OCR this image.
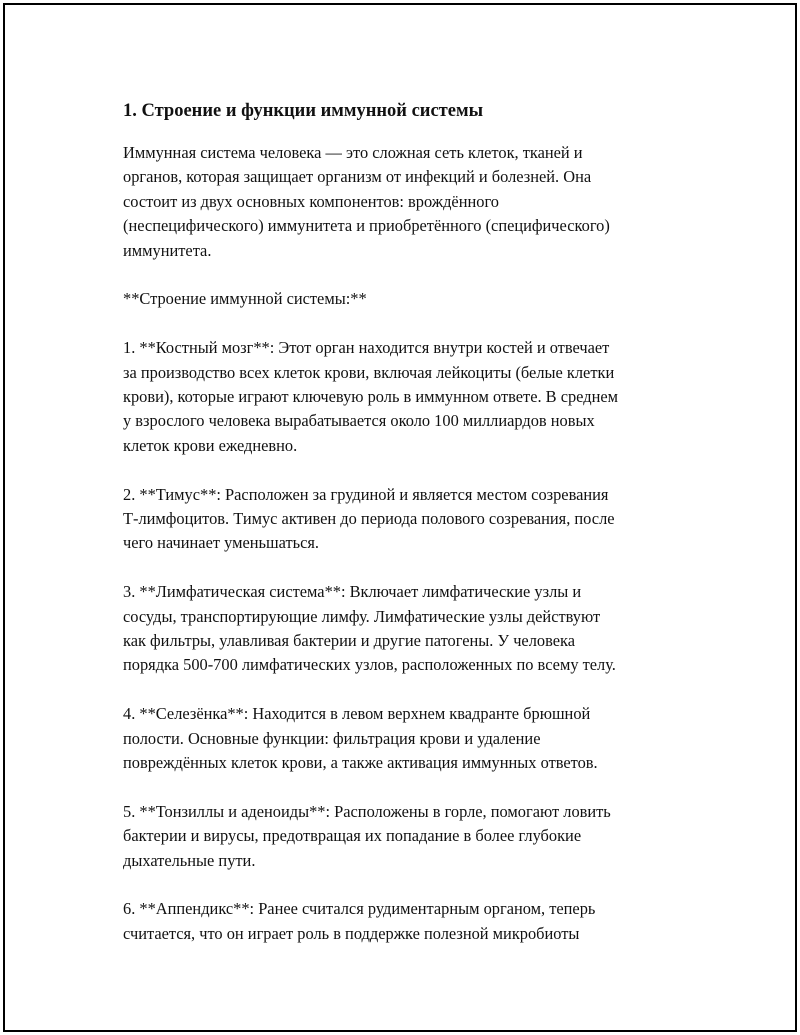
1. Строение и функции иммунной системы
Иммунная система человека — это сложная сеть клеток, тканей и
органов, которая защищает организм от инфекций и болезней. Она
состоит из двух основных компонентов: врождённого
(неспецифического) иммунитета и приобретённого (специфического)
иммунитета.
**Строение иммунной системы:**
1. **Костный мозг**: Этот орган находится внутри костей и отвечает
за производство всех клеток крови, включая лейкоциты (белые клетки
крови), которые играют ключевую роль в иммунном ответе. В среднем
у взрослого человека вырабатывается около 100 миллиардов новых
клеток крови ежедневно.
2. **Тимус**: Расположен за грудиной и является местом созревания
Т-лимфоцитов. Тимус активен до периода полового созревания, после
чего начинает уменьшаться.
3. **Лимфатическая система**: Включает лимфатические узлы и
сосуды, транспортирующие лимфу. Лимфатические узлы действуют
как фильтры, улавливая бактерии и другие патогены. У человека
порядка 500-700 лимфатических узлов, расположенных по всему телу.
4. **Селезёнка**: Находится в левом верхнем квадранте брюшной
полости. Основные функции: фильтрация крови и удаление
повреждённых клеток крови, а также активация иммунных ответов.
5. **Тонзиллы и аденоиды**: Расположены в горле, помогают ловить
бактерии и вирусы, предотвращая их попадание в более глубокие
дыхательные пути.
6. **Аппендикс**: Ранее считался рудиментарным органом, теперь
считается, что он играет роль в поддержке полезной микробиоты
